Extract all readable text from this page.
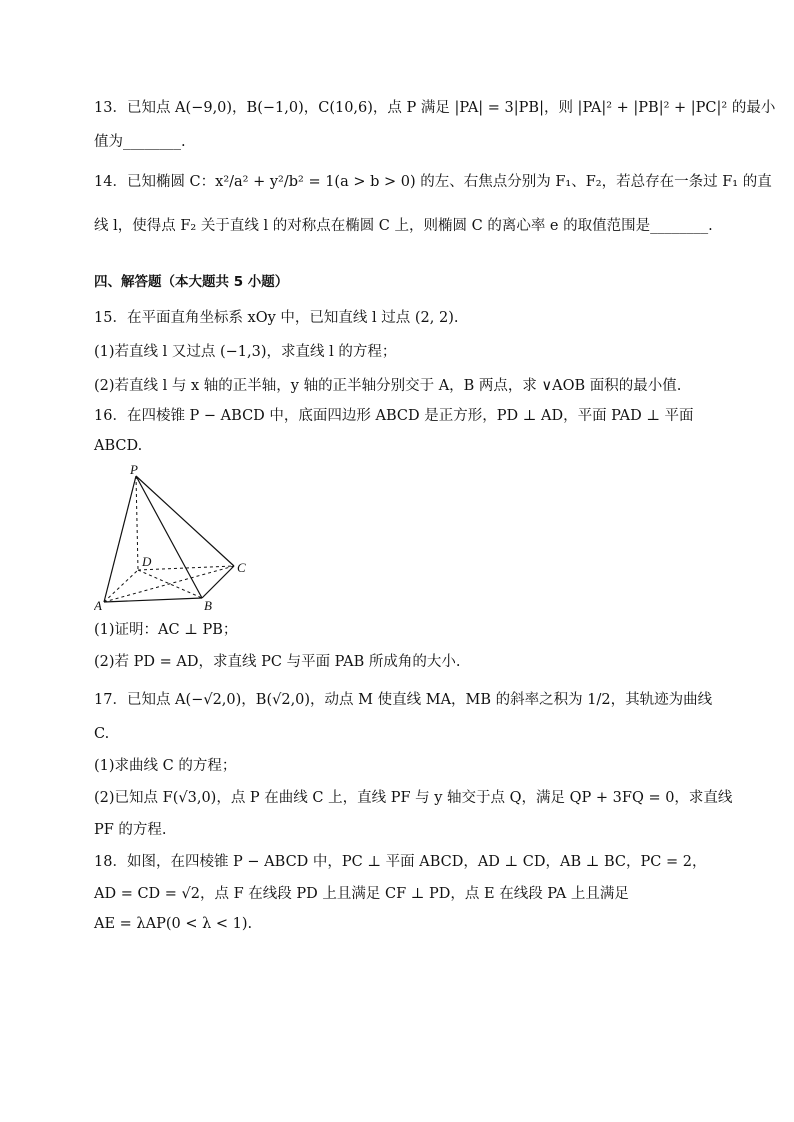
13．已知点 A(−9,0)，B(−1,0)，C(10,6)，点 P 满足 |PA| = 3|PB|，则 |PA|² + |PB|² + |PC|² 的最小
值为________.
14．已知椭圆 C：x²/a² + y²/b² = 1(a > b > 0) 的左、右焦点分别为 F₁、F₂，若总存在一条过 F₁ 的直
线 l，使得点 F₂ 关于直线 l 的对称点在椭圆 C 上，则椭圆 C 的离心率 e 的取值范围是________.
四、解答题（本大题共 5 小题）
15．在平面直角坐标系 xOy 中，已知直线 l 过点 (2, 2).
(1)若直线 l 又过点 (−1,3)，求直线 l 的方程；
(2)若直线 l 与 x 轴的正半轴，y 轴的正半轴分别交于 A，B 两点，求 ∨AOB 面积的最小值.
16．在四棱锥 P − ABCD 中，底面四边形 ABCD 是正方形，PD ⊥ AD，平面 PAD ⊥ 平面
ABCD.
P
D	C
A	B
(1)证明：AC ⊥ PB；
(2)若 PD = AD，求直线 PC 与平面 PAB 所成角的大小.
17．已知点 A(−√2,0)，B(√2,0)，动点 M 使直线 MA，MB 的斜率之积为 1/2，其轨迹为曲线
C.
(1)求曲线 C 的方程；
(2)已知点 F(√3,0)，点 P 在曲线 C 上，直线 PF 与 y 轴交于点 Q，满足 QP + 3FQ = 0，求直线
PF 的方程.
18．如图，在四棱锥 P − ABCD 中，PC ⊥ 平面 ABCD，AD ⊥ CD，AB ⊥ BC，PC = 2，
AD = CD = √2，点 F 在线段 PD 上且满足 CF ⊥ PD，点 E 在线段 PA 上且满足
AE = λAP(0 < λ < 1).
